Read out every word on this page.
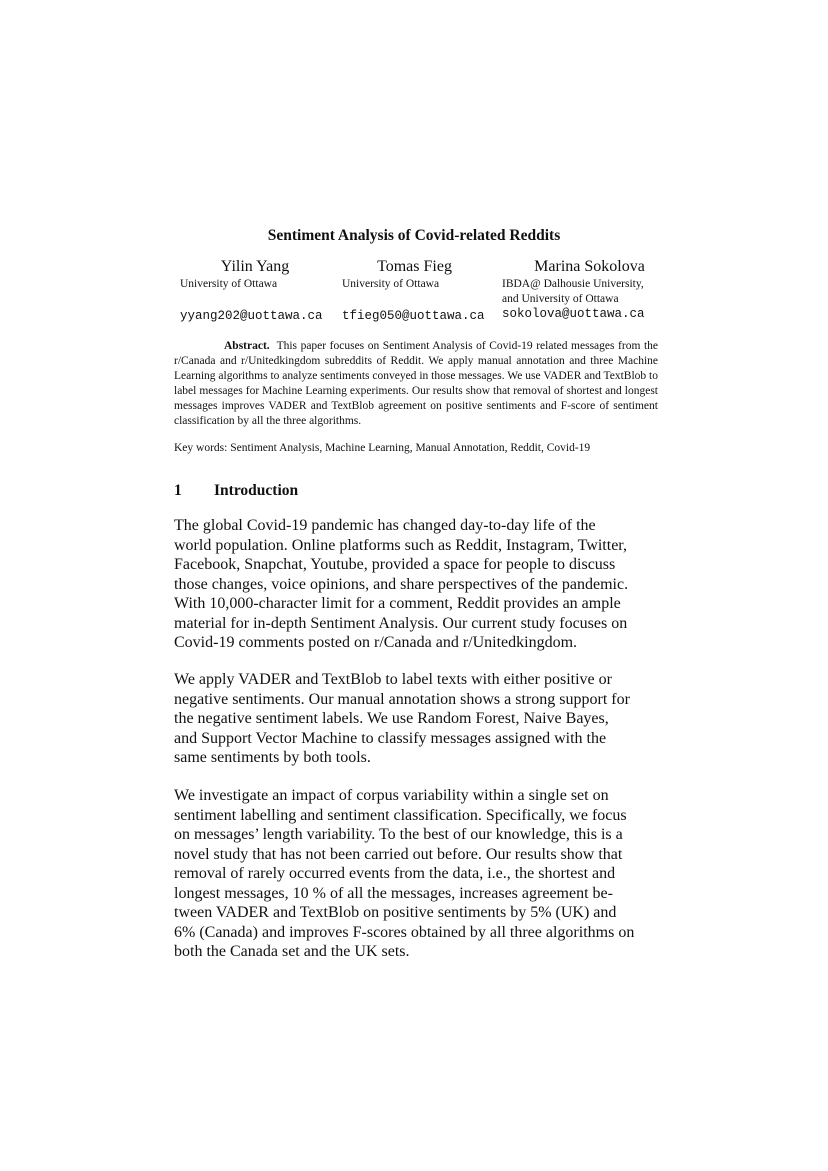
Sentiment Analysis of Covid-related Reddits
Yilin Yang
University of Ottawa
Tomas Fieg
University of Ottawa
Marina Sokolova
IBDA@ Dalhousie University,
and University of Ottawa
yyang202@uottawa.ca tfieg050@uottawa.ca sokolova@uottawa.ca
Abstract. This paper focuses on Sentiment Analysis of Covid-19 related messages from the r/Canada and r/Unitedkingdom subreddits of Reddit. We apply manual annotation and three Machine Learning algorithms to analyze sentiments conveyed in those messages. We use VADER and TextBlob to label messages for Machine Learning experiments. Our results show that removal of shortest and longest messages improves VADER and TextBlob agreement on positive sentiments and F-score of sentiment classification by all the three algorithms.
Key words: Sentiment Analysis, Machine Learning, Manual Annotation, Reddit, Covid-19
1 Introduction
The global Covid-19 pandemic has changed day-to-day life of the
world population. Online platforms such as Reddit, Instagram, Twitter,
Facebook, Snapchat, Youtube, provided a space for people to discuss
those changes, voice opinions, and share perspectives of the pandemic.
With 10,000-character limit for a comment, Reddit provides an ample
material for in-depth Sentiment Analysis. Our current study focuses on
Covid-19 comments posted on r/Canada and r/Unitedkingdom.
We apply VADER and TextBlob to label texts with either positive or
negative sentiments. Our manual annotation shows a strong support for
the negative sentiment labels. We use Random Forest, Naive Bayes,
and Support Vector Machine to classify messages assigned with the
same sentiments by both tools.
We investigate an impact of corpus variability within a single set on
sentiment labelling and sentiment classification. Specifically, we focus
on messages’ length variability. To the best of our knowledge, this is a
novel study that has not been carried out before. Our results show that
removal of rarely occurred events from the data, i.e., the shortest and
longest messages, 10 % of all the messages, increases agreement be-
tween VADER and TextBlob on positive sentiments by 5% (UK) and
6% (Canada) and improves F-scores obtained by all three algorithms on
both the Canada set and the UK sets.
